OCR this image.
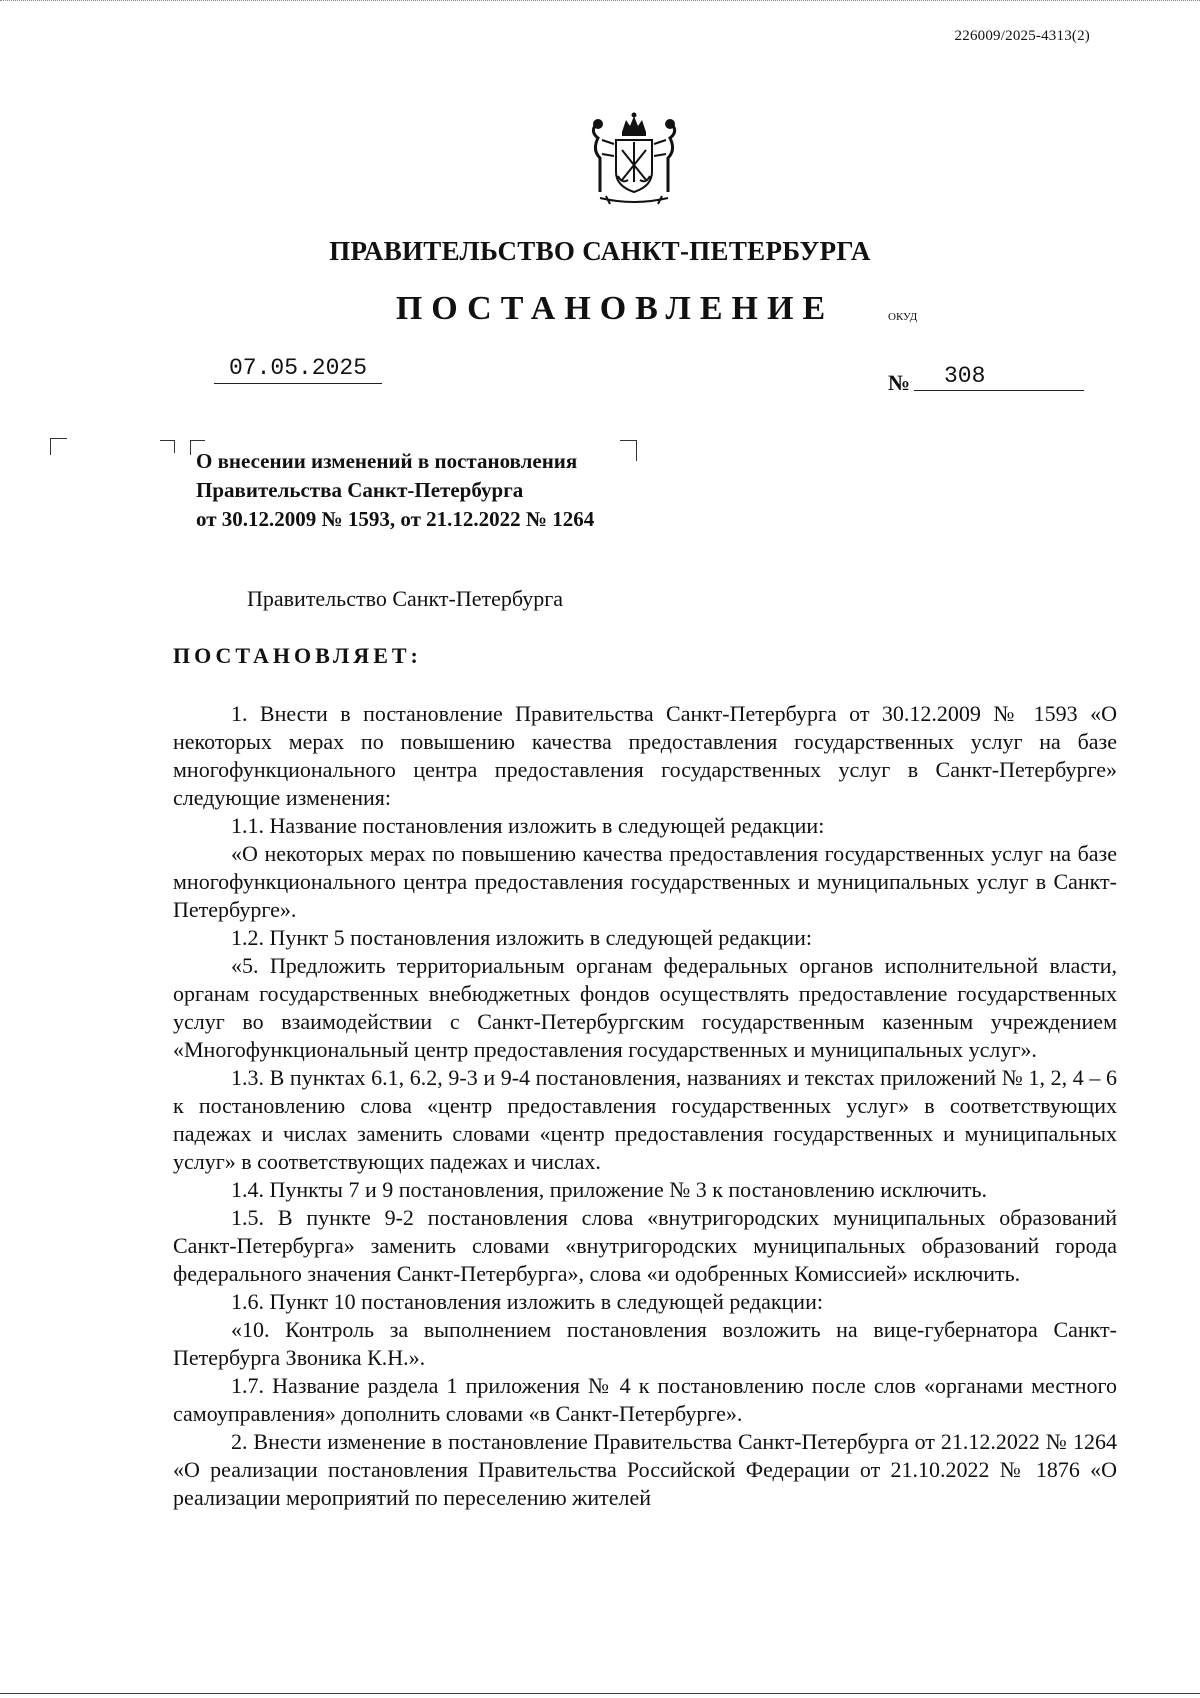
226009/2025-4313(2)
ПРАВИТЕЛЬСТВО САНКТ-ПЕТЕРБУРГА
ПОСТАНОВЛЕНИЕ	ОКУД
07.05.2025
№	308
О внесении изменений в постановления
Правительства Санкт-Петербурга
от 30.12.2009 № 1593, от 21.12.2022 № 1264
Правительство Санкт-Петербурга
ПОСТАНОВЛЯЕТ:

1. Внести в постановление Правительства Санкт-Петербурга от 30.12.2009 № 1593 «О некоторых мерах по повышению качества предоставления государственных услуг на базе многофункционального центра предоставления государственных услуг в Санкт-Петербурге» следующие изменения:

1.1. Название постановления изложить в следующей редакции:

«О некоторых мерах по повышению качества предоставления государственных услуг на базе многофункционального центра предоставления государственных и муниципальных услуг в Санкт-Петербурге».

1.2. Пункт 5 постановления изложить в следующей редакции:

«5. Предложить территориальным органам федеральных органов исполнительной власти, органам государственных внебюджетных фондов осуществлять предоставление государственных услуг во взаимодействии с Санкт-Петербургским государственным казенным учреждением «Многофункциональный центр предоставления государственных и муниципальных услуг».

1.3. В пунктах 6.1, 6.2, 9-3 и 9-4 постановления, названиях и текстах приложений № 1, 2, 4 – 6 к постановлению слова «центр предоставления государственных услуг» в соответствующих падежах и числах заменить словами «центр предоставления государственных и муниципальных услуг» в соответствующих падежах и числах.

1.4. Пункты 7 и 9 постановления, приложение № 3 к постановлению исключить.

1.5. В пункте 9-2 постановления слова «внутригородских муниципальных образований Санкт-Петербурга» заменить словами «внутригородских муниципальных образований города федерального значения Санкт-Петербурга», слова «и одобренных Комиссией» исключить.

1.6. Пункт 10 постановления изложить в следующей редакции:

«10. Контроль за выполнением постановления возложить на вице-губернатора Санкт-Петербурга Звоника К.Н.».

1.7. Название раздела 1 приложения № 4 к постановлению после слов «органами местного самоуправления» дополнить словами «в Санкт-Петербурге».

2. Внести изменение в постановление Правительства Санкт-Петербурга от 21.12.2022 № 1264 «О реализации постановления Правительства Российской Федерации от 21.10.2022 № 1876 «О реализации мероприятий по переселению жителей
